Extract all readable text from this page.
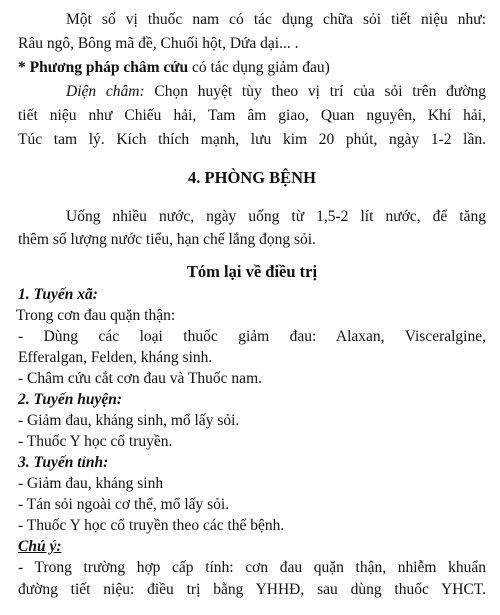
Một số vị thuốc nam có tác dụng chữa sỏi tiết niệu như:
Râu ngô, Bông mã đề, Chuối hột, Dứa dại... .
* Phương pháp châm cứu có tác dụng giảm đau)
Diện châm: Chọn huyệt tùy theo vị trí của sỏi trên đường
tiết niệu như Chiếu hải, Tam âm giao, Quan nguyên, Khí hải,
Túc tam lý. Kích thích mạnh, lưu kim 20 phút, ngày 1-2 lần.
4. PHÒNG BỆNH
Uống nhiều nước, ngày uống từ 1,5-2 lít nước, để tăng
thêm số lượng nước tiểu, hạn chế lắng đọng sỏi.
Tóm lại về điều trị
1. Tuyến xã:
Trong cơn đau quặn thận:
- Dùng các loại thuốc giảm đau: Alaxan, Visceralgine,
Efferalgan, Felden, kháng sinh.
- Châm cứu cắt cơn đau và Thuốc nam.
2. Tuyến huyện:
- Giảm đau, kháng sinh, mổ lấy sỏi.
- Thuốc Y học cổ truyền.
3. Tuyến tỉnh:
- Giảm đau, kháng sinh
- Tán sỏi ngoài cơ thể, mổ lấy sỏi.
- Thuốc Y học cổ truyền theo các thể bệnh.
Chú ý:
- Trong trường hợp cấp tính: cơn đau quặn thận, nhiễm khuẩn
đường tiết niệu: điều trị bằng YHHĐ, sau dùng thuốc YHCT.
